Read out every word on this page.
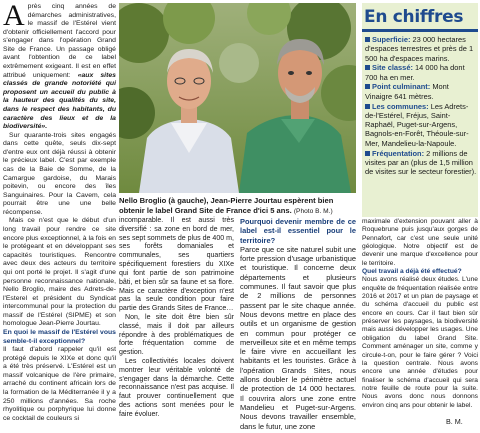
Après cinq années de démarches administratives, le massif de l'Estérel vient d'obtenir officiellement l'accord pour s'engager dans l'opération Grand Site de France. Un passage obligé avant l'obtention de ce label extrêmement exigeant. Il est en effet attribué uniquement: «aux sites classés de grande notoriété qui proposent un accueil du public à la hauteur des qualités du site, dans le respect des habitants, du caractère des lieux et de la biodiversité».

Sur quarante-trois sites engagés dans cette quête, seuls dix-sept d'entre eux ont déjà réussi à obtenir le précieux label. C'est par exemple cas de la Baie de Somme, de la Camargue gardoise, du Marais poitevin, ou encore des îles Sanguinaires. Pour la Cavem, cela pourrait être une une belle récompense.

Mais ce n'est que le début d'un long travail pour rendre ce site encore plus exceptionnel, à la fois en le protégeant et en développant ses capacités touristiques. Rencontre avec deux des acteurs du territoire qui ont porté le projet. Il s'agit d'une personne reconnaissance nationale, Nello Broglio, maire des Adrets-de-l'Esterel et président du Syndicat intercommunal pour la protection du massif de l'Estérel (SIPME) et son homologue Jean-Pierre Jourtau.

En quoi le massif de l'Estérel vous semble-t-il exceptionnel?

Il faut d'abord rappeler qu'il est protégé depuis le XIXe et donc qu'il a été très préservé. L'Estérel est un massif volcanique de l'ère primaire, arraché du continent africain lors de la formation de la Méditerranée il y a 250 millions d'années. Sa roche rhyolitique ou porphyrique lui donne ce cocktail de couleurs si

Nello Broglio (à gauche), Jean-Pierre Jourtau espèrent bien obtenir le label Grand Site de France d'ici 5 ans. (Photo B. M.)

incomparable. Il est aussi très diversifié : sa zone en bord de mer, ses sept sommets de plus de 400 m, ses forêts domaniales et communales, ses quartiers spécifiquement forestiers du XIXe qui font partie de son patrimoine bâti, et bien sûr sa faune et sa flore. Mais ce caractère d'exception n'est pas la seule condition pour faire partie des Grands Sites de France…

Non, le site doit être bien sûr classé, mais il doit par ailleurs répondre à des problématiques de forte fréquentation comme de gestion.

Les collectivités locales doivent montrer leur véritable volonté de s'engager dans la démarche. Cette reconnaissance n'est pas acquise. Il faut prouver continuellement que des actions sont menées pour le faire évoluer.

Pourquoi devenir membre de ce label est-il essentiel pour le territoire?

Parce que ce site naturel subit une forte pression d'usage urbanistique et touristique. Il concerne deux départements et plusieurs communes. Il faut savoir que plus de 2 millions de personnes passent par le site chaque année. Nous devons mettre en place des outils et un organisme de gestion en commun pour protéger ce merveilleux site et en même temps le faire vivre en accueillant les habitants et les touristes. Grâce à l'opération Grands Sites, nous allons doubler le périmètre actuel de protection de 14 000 hectares. Il couvrira alors une zone entre Mandelieu et Puget-sur-Argens. Nous devons travailler ensemble, dans le futur, une zone

En chiffres
Superficie: 23 000 hectares d'espaces terrestres et près de 1 500 ha d'espaces marins.
Site classé: 14 000 ha dont 700 ha en mer.
Point culminant: Mont Vinaigre 641 mètres.
Les communes: Les Adrets-de-l'Estérel, Fréjus, Saint-Raphaël, Puget-sur-Argens, Bagnols-en-Forêt, Théoule-sur-Mer, Mandelieu-la-Napoule.
Fréquentation: 2 millions de visites par an (plus de 1,5 million de visites sur le secteur forestier).

maximale d'extension pouvant aller à Roquebrune puis jusqu'aux gorges de Pennafort, car c'est une seule unité géologique. Notre objectif est de devenir une marque d'excellence pour le territoire.

Quel travail a déjà été effectué?

Nous avons réalisé deux études. L'une enquête de fréquentation réalisée entre 2016 et 2017 et un plan de paysage et du schéma d'accueil du public est encore en cours. Car il faut bien sûr préserver les paysages, la biodiversité mais aussi développer les usages. Une obligation du label Grand Site. Comment aménager un site, comme y circule-t-on, pour le faire gérer ? Voici la question centrale. Nous avons encore une année d'études pour finaliser le schéma d'accueil qui sera notre feuille de route pour la suite. Nous avons donc nous donnons environ cinq ans pour obtenir le label.

B. M.
